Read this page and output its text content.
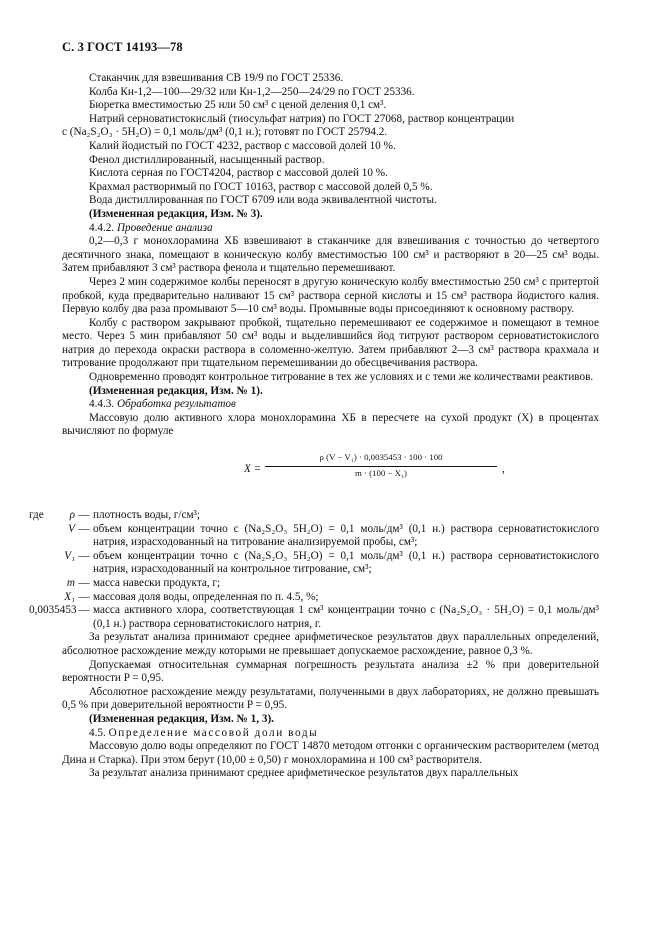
С. 3 ГОСТ 14193—78

Стаканчик для взвешивания СВ 19/9 по ГОСТ 25336.

Колба Кн-1,2—100—29/32 или Кн-1,2—250—24/29 по ГОСТ 25336.

Бюретка вместимостью 25 или 50 см³ с ценой деления 0,1 см³.

Натрий серноватистокислый (тиосульфат натрия) по ГОСТ 27068, раствор концентрации

с (Na₂S₂O₃ · 5H₂O) = 0,1 моль/дм³ (0,1 н.); готовят по ГОСТ 25794.2.

Калий йодистый по ГОСТ 4232, раствор с массовой долей 10 %.

Фенол дистиллированный, насыщенный раствор.

Кислота серная по ГОСТ4204, раствор с массовой долей 10 %.

Крахмал растворимый по ГОСТ 10163, раствор с массовой долей 0,5 %.

Вода дистиллированная по ГОСТ 6709 или вода эквивалентной чистоты.

(Измененная редакция, Изм. № 3).

4.4.2. Проведение анализа

0,2—0,3 г монохлорамина ХБ взвешивают в стаканчике для взвешивания с точностью до четвертого десятичного знака, помещают в коническую колбу вместимостью 100 см³ и растворяют в 20—25 см³ воды. Затем прибавляют 3 см³ раствора фенола и тщательно перемешивают.

Через 2 мин содержимое колбы переносят в другую коническую колбу вместимостью 250 см³ с притертой пробкой, куда предварительно наливают 15 см³ раствора серной кислоты и 15 см³ раствора йодистого калия. Первую колбу два раза промывают 5—10 см³ воды. Промывные воды присоединяют к основному раствору.

Колбу с раствором закрывают пробкой, тщательно перемешивают ее содержимое и помещают в темное место. Через 5 мин прибавляют 50 см³ воды и выделившийся йод титруют раствором серноватистокислого натрия до перехода окраски раствора в соломенно-желтую. Затем прибавляют 2—3 см³ раствора крахмала и титрование продолжают при тщательном перемешивании до обесцвечивания раствора.

Одновременно проводят контрольное титрование в тех же условиях и с теми же количествами реактивов.

(Измененная редакция, Изм. № 1).

4.4.3. Обработка результатов

Массовую долю активного хлора монохлорамина ХБ в пересчете на сухой продукт (X) в процентах вычисляют по формуле

X =
ρ (V − V₁) · 0,0035453 · 100 · 100
m · (100 − X₁)	,
где	ρ — плотность воды, г/см³;
V — объем концентрации точно с (Na₂S₂O₃ 5H₂O) = 0,1 моль/дм³ (0,1 н.) раствора серноватистокислого натрия, израсходованный на титрование анализируемой пробы, см³;
V₁ — объем концентрации точно с (Na₂S₂O₃ 5H₂O) = 0,1 моль/дм³ (0,1 н.) раствора серноватистокислого натрия, израсходованный на контрольное титрование, см³;
m — масса навески продукта, г;
X₁ — массовая доля воды, определенная по п. 4.5, %;
0,0035453 — масса активного хлора, соответствующая 1 см³ концентрации точно с (Na₂S₂O₃ · 5H₂O) = 0,1 моль/дм³ (0,1 н.) раствора серноватистокислого натрия, г.

За результат анализа принимают среднее арифметическое результатов двух параллельных определений, абсолютное расхождение между которыми не превышает допускаемое расхождение, равное 0,3 %.

Допускаемая относительная суммарная погрешность результата анализа ±2 % при доверительной вероятности P = 0,95.

Абсолютное расхождение между результатами, полученными в двух лабораториях, не должно превышать 0,5 % при доверительной вероятности P = 0,95.

(Измененная редакция, Изм. № 1, 3).

4.5. Определение массовой доли воды

Массовую долю воды определяют по ГОСТ 14870 методом отгонки с органическим растворителем (метод Дина и Старка). При этом берут (10,00 ± 0,50) г монохлорамина и 100 см³ растворителя.

За результат анализа принимают среднее арифметическое результатов двух параллельных
